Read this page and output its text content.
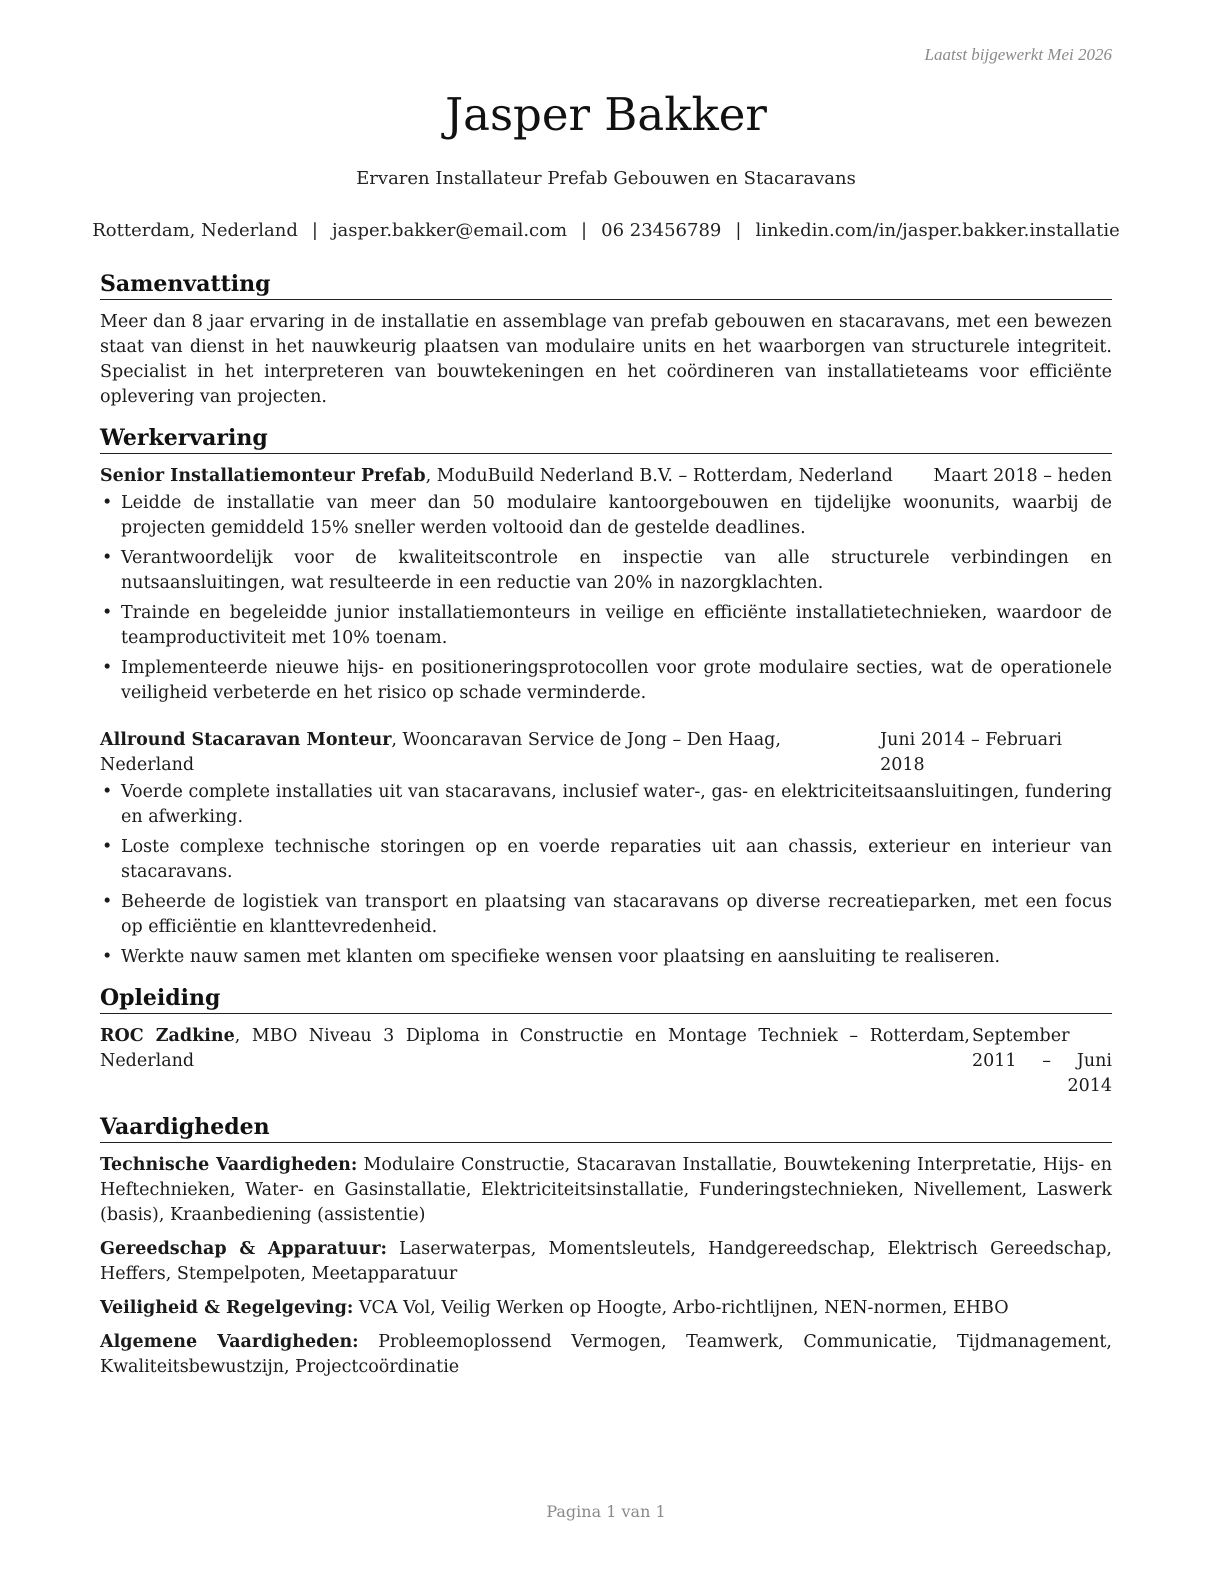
Laatst bijgewerkt Mei 2026
Jasper Bakker
Ervaren Installateur Prefab Gebouwen en Stacaravans
Rotterdam, Nederland | jasper.bakker@email.com | 06 23456789 | linkedin.com/in/jasper.bakker.installatie
Samenvatting

Meer dan 8 jaar ervaring in de installatie en assemblage van prefab gebouwen en stacaravans, met een bewezen staat van dienst in het nauwkeurig plaatsen van modulaire units en het waarborgen van structurele integriteit. Specialist in het interpreteren van bouwtekeningen en het coördineren van installatieteams voor efficiënte oplevering van projecten.

Werkervaring
Senior Installatiemonteur Prefab, ModuBuild Nederland B.V. – Rotterdam, Nederland Maart 2018 – heden
• Leidde de installatie van meer dan 50 modulaire kantoorgebouwen en tijdelijke woonunits, waarbij de projecten gemiddeld 15% sneller werden voltooid dan de gestelde deadlines.
• Verantwoordelijk voor de kwaliteitscontrole en inspectie van alle structurele verbindingen en nutsaansluitingen, wat resulteerde in een reductie van 20% in nazorgklachten.
• Trainde en begeleidde junior installatiemonteurs in veilige en efficiënte installatietechnieken, waardoor de teamproductiviteit met 10% toenam.
• Implementeerde nieuwe hijs- en positioneringsprotocollen voor grote modulaire secties, wat de operationele veiligheid verbeterde en het risico op schade verminderde.
Allround Stacaravan Monteur, Wooncaravan Service de Jong – Den Haag, Nederland
Juni 2014 – Februari 2018
• Voerde complete installaties uit van stacaravans, inclusief water-, gas- en elektriciteitsaansluitingen, fundering en afwerking.
• Loste complexe technische storingen op en voerde reparaties uit aan chassis, exterieur en interieur van stacaravans.
• Beheerde de logistiek van transport en plaatsing van stacaravans op diverse recreatieparken, met een focus op efficiëntie en klanttevredenheid.
• Werkte nauw samen met klanten om specifieke wensen voor plaatsing en aansluiting te realiseren.
Opleiding
ROC Zadkine, MBO Niveau 3 Diploma in Constructie en Montage Techniek – Rotterdam, Nederland
September 2011 – Juni 2014
Vaardigheden
Technische Vaardigheden: Modulaire Constructie, Stacaravan Installatie, Bouwtekening Interpretatie, Hijs- en Heftechnieken, Water- en Gasinstallatie, Elektriciteitsinstallatie, Funderingstechnieken, Nivellement, Laswerk (basis), Kraanbediening (assistentie)
Gereedschap & Apparatuur: Laserwaterpas, Momentsleutels, Handgereedschap, Elektrisch Gereedschap, Heffers, Stempelpoten, Meetapparatuur
Veiligheid & Regelgeving: VCA Vol, Veilig Werken op Hoogte, Arbo-richtlijnen, NEN-normen, EHBO
Algemene Vaardigheden: Probleemoplossend Vermogen, Teamwerk, Communicatie, Tijdmanagement, Kwaliteitsbewustzijn, Projectcoördinatie
Pagina 1 van 1
